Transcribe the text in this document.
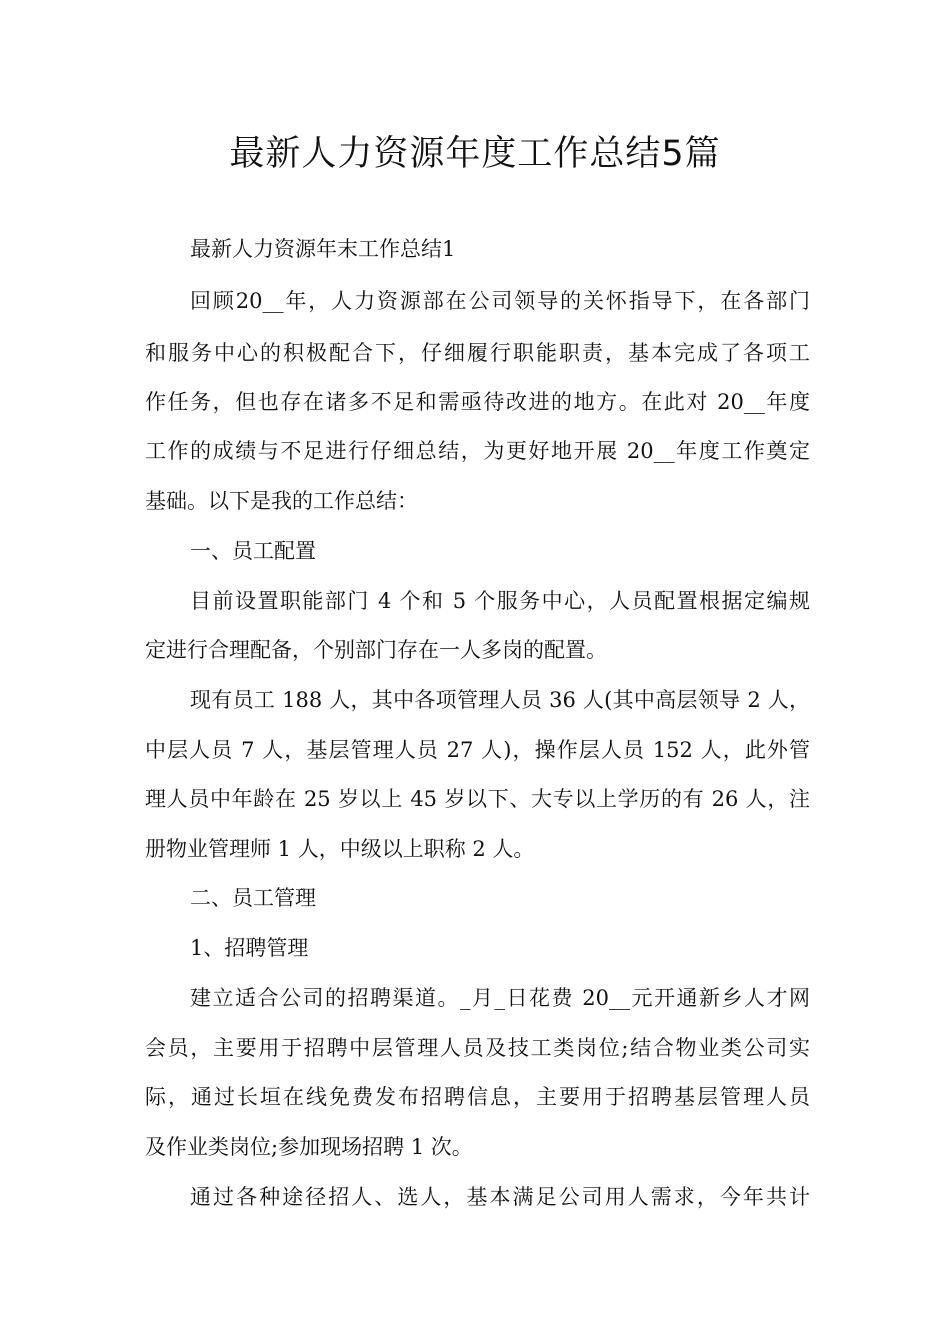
最新人力资源年度工作总结5篇
最新人力资源年末工作总结1
回顾20__年，人力资源部在公司领导的关怀指导下，在各部门
和服务中心的积极配合下，仔细履行职能职责，基本完成了各项工
作任务，但也存在诸多不足和需亟待改进的地方。在此对 20__年度
工作的成绩与不足进行仔细总结，为更好地开展 20__年度工作奠定
基础。以下是我的工作总结：
一、员工配置
目前设置职能部门 4 个和 5 个服务中心，人员配置根据定编规
定进行合理配备，个别部门存在一人多岗的配置。
现有员工 188 人，其中各项管理人员 36 人(其中高层领导 2 人，
中层人员 7 人，基层管理人员 27 人)，操作层人员 152 人，此外管
理人员中年龄在 25 岁以上 45 岁以下、大专以上学历的有 26 人，注
册物业管理师 1 人，中级以上职称 2 人。
二、员工管理
1、招聘管理
建立适合公司的招聘渠道。_月_日花费 20__元开通新乡人才网
会员，主要用于招聘中层管理人员及技工类岗位;结合物业类公司实
际，通过长垣在线免费发布招聘信息，主要用于招聘基层管理人员
及作业类岗位;参加现场招聘 1 次。
通过各种途径招人、选人，基本满足公司用人需求，今年共计
